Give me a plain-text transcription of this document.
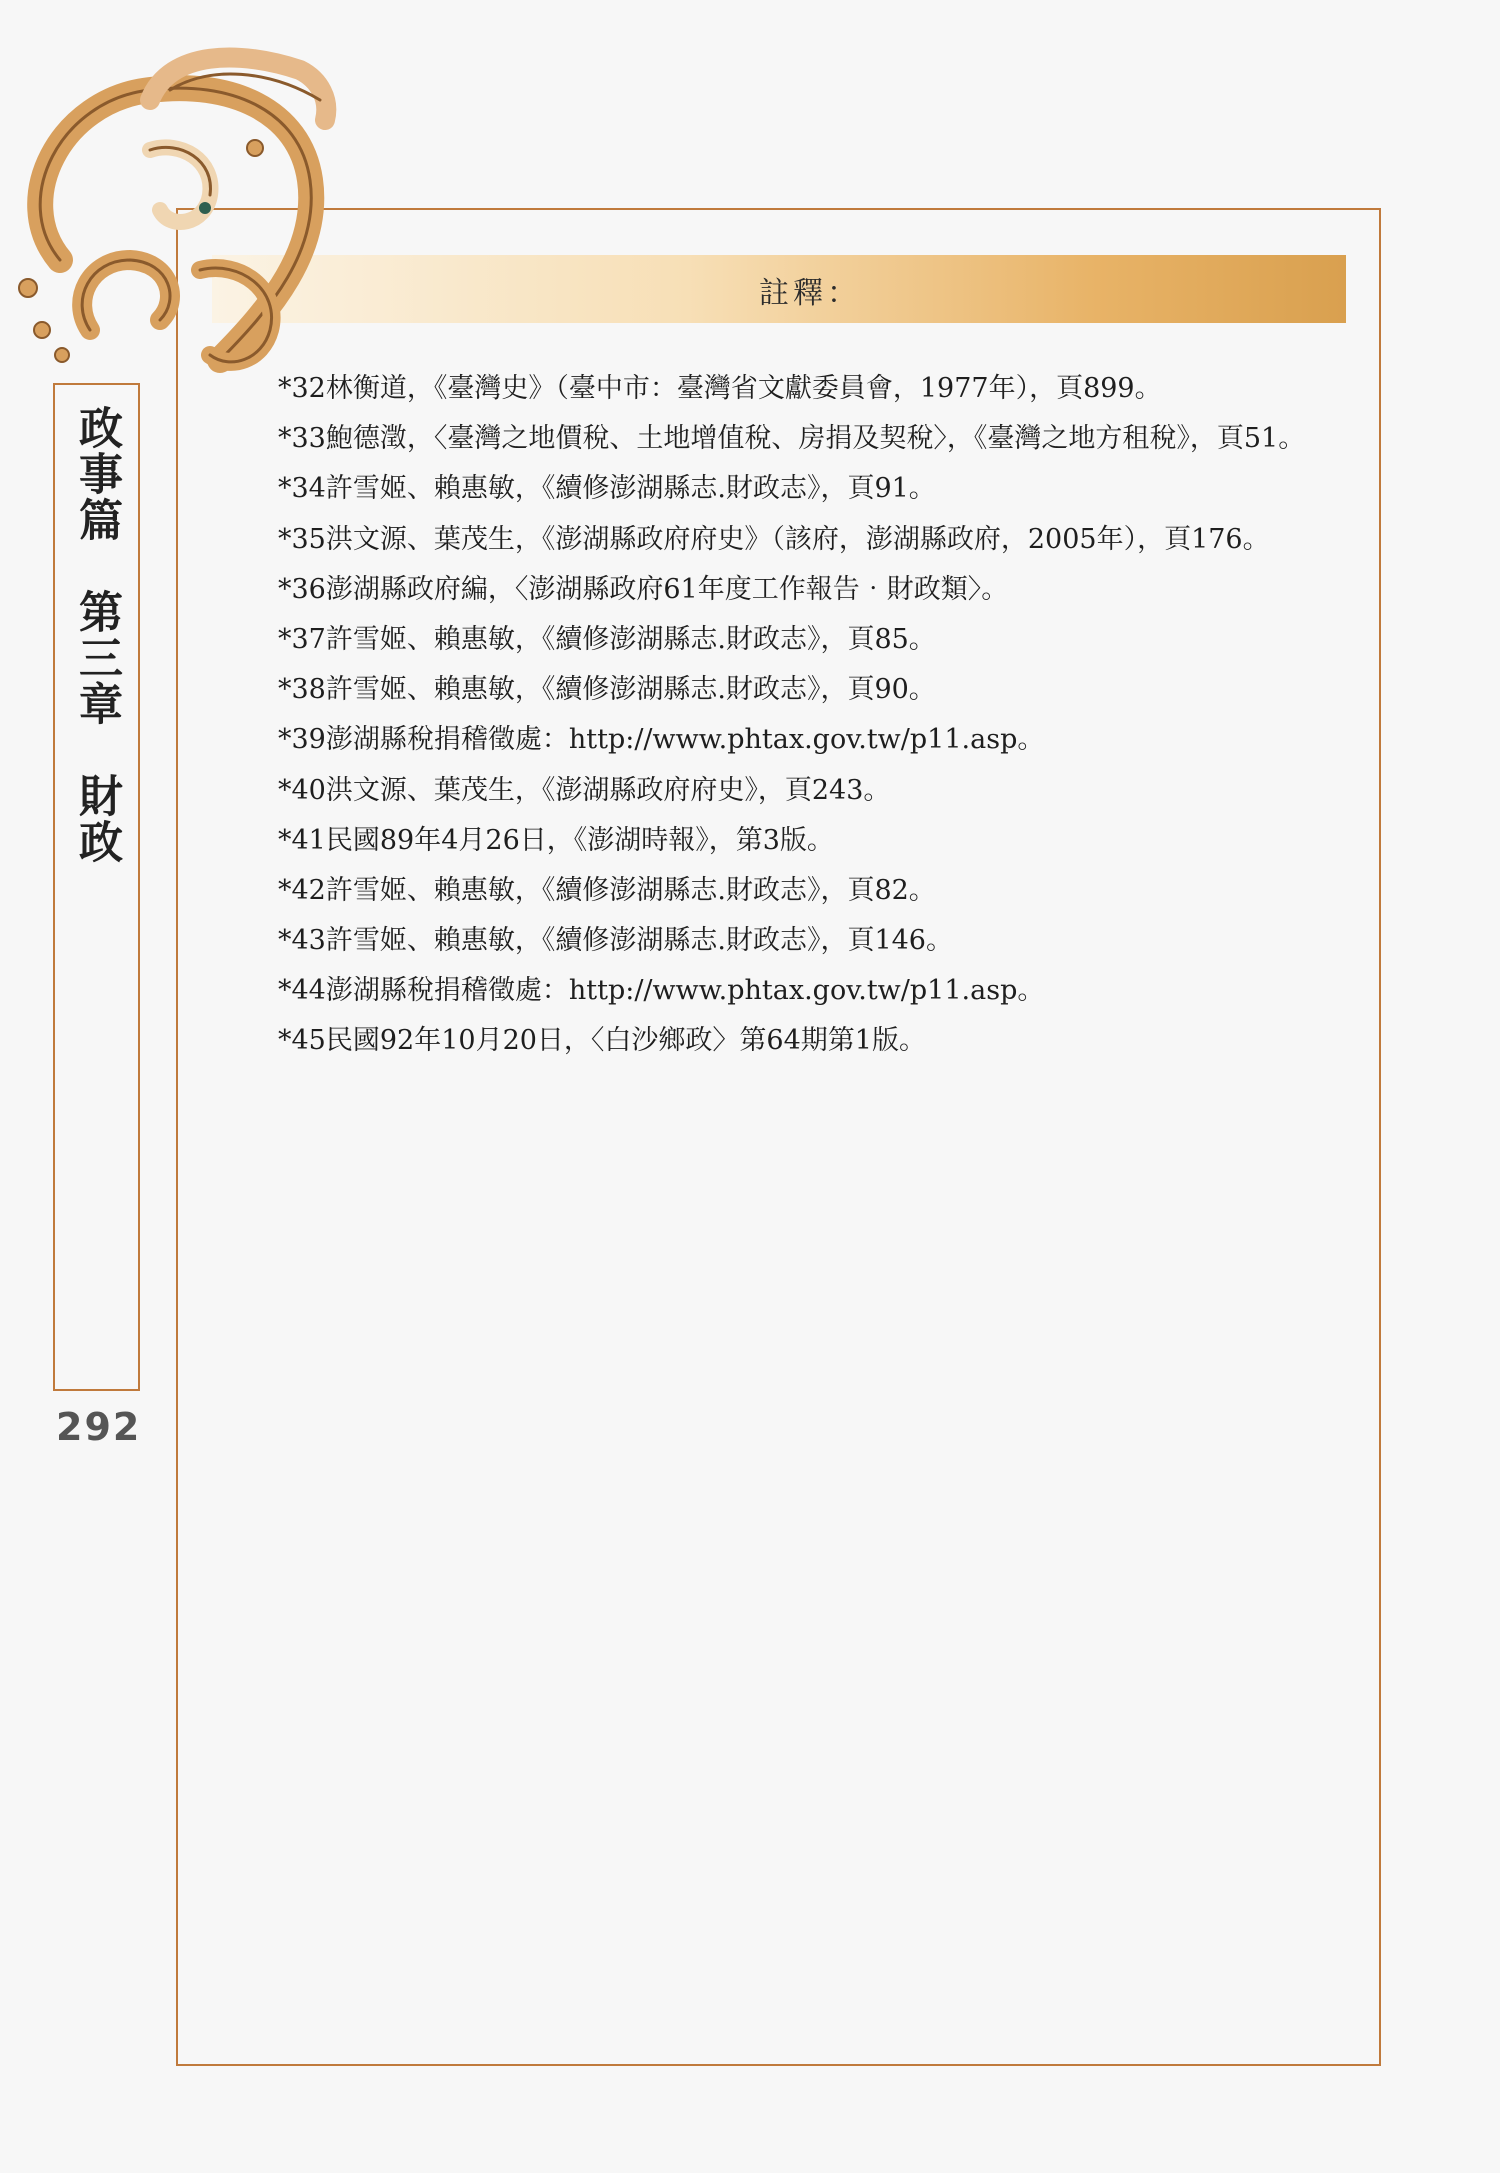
註釋：
政事篇　第三章　財政
292
*32林衡道，《臺灣史》（臺中市：臺灣省文獻委員會，1977年），頁899。
*33鮑德澂，〈臺灣之地價稅、土地增值稅、房捐及契稅〉，《臺灣之地方租稅》，頁51。
*34許雪姬、賴惠敏，《續修澎湖縣志.財政志》，頁91。
*35洪文源、葉茂生，《澎湖縣政府府史》（該府，澎湖縣政府，2005年），頁176。
*36澎湖縣政府編，〈澎湖縣政府61年度工作報告‧財政類〉。
*37許雪姬、賴惠敏，《續修澎湖縣志.財政志》，頁85。
*38許雪姬、賴惠敏，《續修澎湖縣志.財政志》，頁90。
*39澎湖縣稅捐稽徵處：http://www.phtax.gov.tw/p11.asp。
*40洪文源、葉茂生，《澎湖縣政府府史》，頁243。
*41民國89年4月26日，《澎湖時報》，第3版。
*42許雪姬、賴惠敏，《續修澎湖縣志.財政志》，頁82。
*43許雪姬、賴惠敏，《續修澎湖縣志.財政志》，頁146。
*44澎湖縣稅捐稽徵處：http://www.phtax.gov.tw/p11.asp。
*45民國92年10月20日，〈白沙鄉政〉第64期第1版。
